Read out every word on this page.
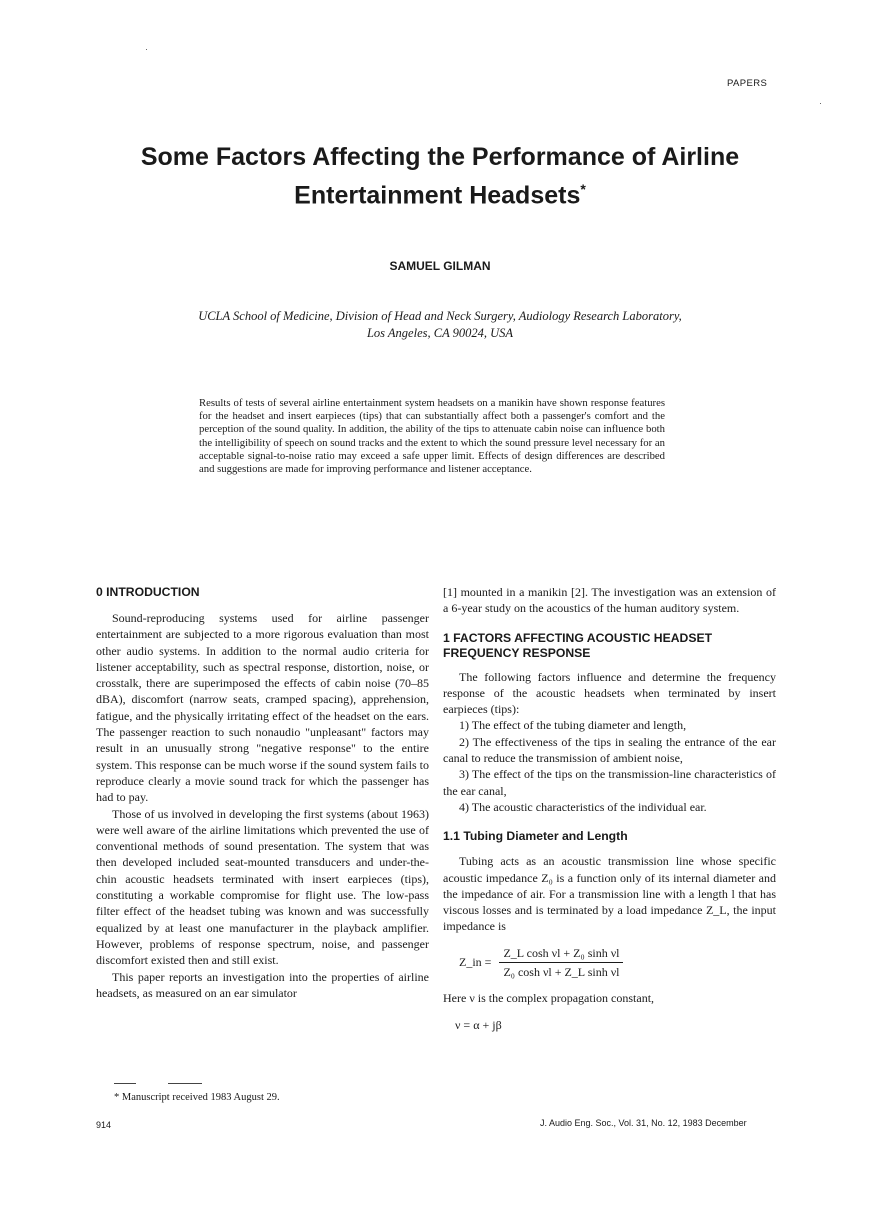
PAPERS
Some Factors Affecting the Performance of Airline
Entertainment Headsets*
SAMUEL GILMAN
UCLA School of Medicine, Division of Head and Neck Surgery, Audiology Research Laboratory,
Los Angeles, CA 90024, USA
Results of tests of several airline entertainment system headsets on a manikin have shown response features for the headset and insert earpieces (tips) that can substantially affect both a passenger's comfort and the perception of the sound quality. In addition, the ability of the tips to attenuate cabin noise can influence both the intelligibility of speech on sound tracks and the extent to which the sound pressure level necessary for an acceptable signal-to-noise ratio may exceed a safe upper limit. Effects of design differences are described and suggestions are made for improving performance and listener acceptance.
0 INTRODUCTION

Sound-reproducing systems used for airline passenger entertainment are subjected to a more rigorous evaluation than most other audio systems. In addition to the normal audio criteria for listener acceptability, such as spectral response, distortion, noise, or crosstalk, there are superimposed the effects of cabin noise (70–85 dBA), discomfort (narrow seats, cramped spacing), apprehension, fatigue, and the physically irritating effect of the headset on the ears. The passenger reaction to such nonaudio "unpleasant" factors may result in an unusually strong "negative response" to the entire system. This response can be much worse if the sound system fails to reproduce clearly a movie sound track for which the passenger has had to pay.

Those of us involved in developing the first systems (about 1963) were well aware of the airline limitations which prevented the use of conventional methods of sound presentation. The system that was then developed included seat-mounted transducers and under-the-chin acoustic headsets terminated with insert earpieces (tips), constituting a workable compromise for flight use. The low-pass filter effect of the headset tubing was known and was successfully equalized by at least one manufacturer in the playback amplifier. However, problems of response spectrum, noise, and passenger discomfort existed then and still exist.

This paper reports an investigation into the properties of airline headsets, as measured on an ear simulator

[1] mounted in a manikin [2]. The investigation was an extension of a 6-year study on the acoustics of the human auditory system.

1 FACTORS AFFECTING ACOUSTIC HEADSET FREQUENCY RESPONSE

The following factors influence and determine the frequency response of the acoustic headsets when terminated by insert earpieces (tips):

1) The effect of the tubing diameter and length,

2) The effectiveness of the tips in sealing the entrance of the ear canal to reduce the transmission of ambient noise,

3) The effect of the tips on the transmission-line characteristics of the ear canal,

4) The acoustic characteristics of the individual ear.

1.1 Tubing Diameter and Length

Tubing acts as an acoustic transmission line whose specific acoustic impedance Z₀ is a function only of its internal diameter and the impedance of air. For a transmission line with a length l that has viscous losses and is terminated by a load impedance Z_L, the input impedance is

Z_in = $\frac{\text{Z\_L cosh νl + Z₀ sinh νl}}{\text{Z₀ cosh νl + Z\_L sinh νl}}$

Here ν is the complex propagation constant,

ν = α + jβ
* Manuscript received 1983 August 29.
914	J. Audio Eng. Soc., Vol. 31, No. 12, 1983 December
